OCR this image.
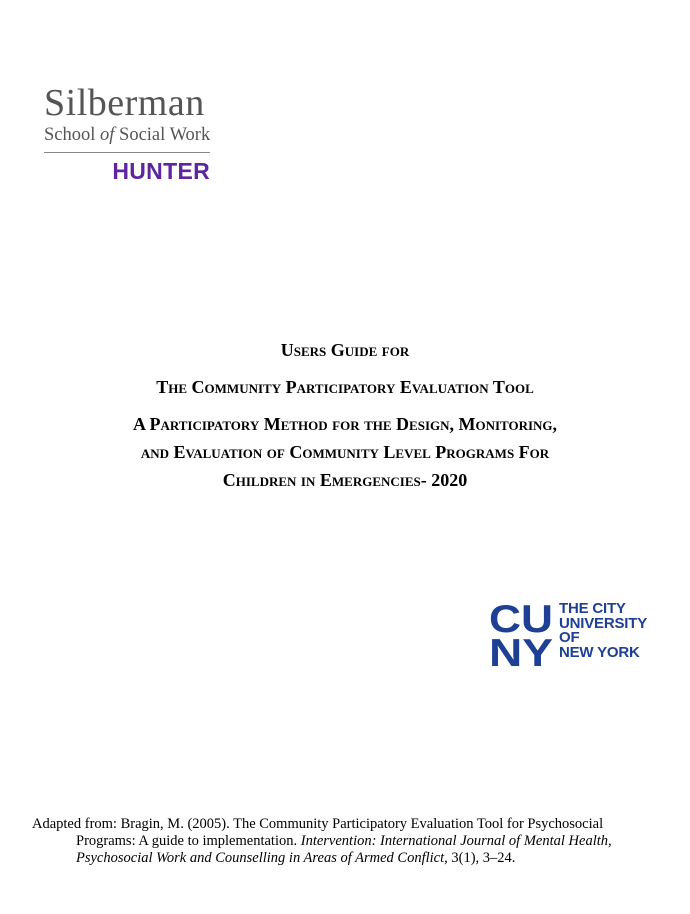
Silberman
School of Social Work
HUNTER
Users Guide for
The Community Participatory Evaluation Tool
A Participatory Method for the Design, Monitoring,
and Evaluation of Community Level Programs For
Children in Emergencies- 2020
CU
NY
THE CITY
UNIVERSITY
OF
NEW YORK
Adapted from: Bragin, M. (2005). The Community Participatory Evaluation Tool for Psychosocial
Programs: A guide to implementation. Intervention: International Journal of Mental Health,
Psychosocial Work and Counselling in Areas of Armed Conflict, 3(1), 3–24.
